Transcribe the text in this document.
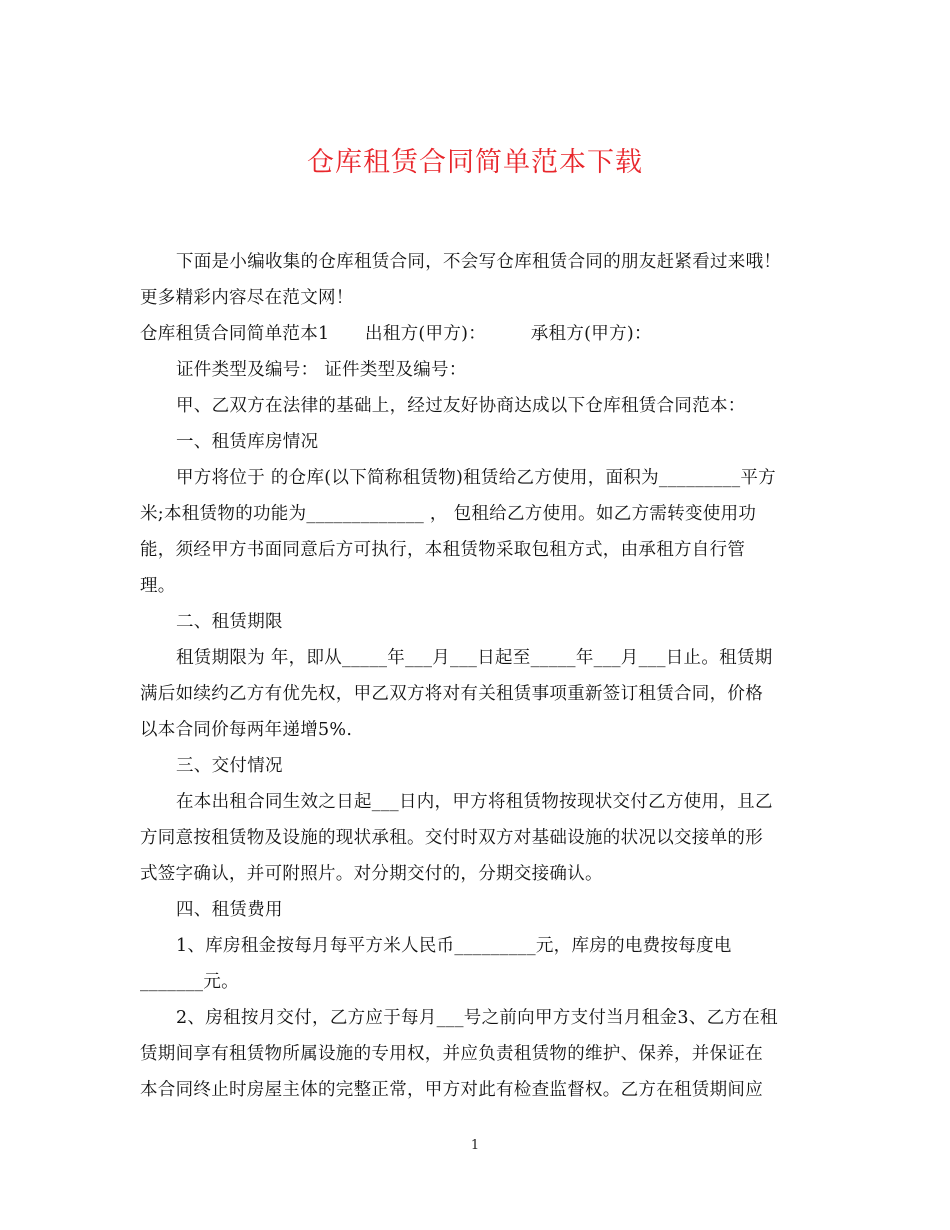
仓库租赁合同简单范本下载

下面是小编收集的仓库租赁合同，不会写仓库租赁合同的朋友赶紧看过来哦！

更多精彩内容尽在范文网！

仓库租赁合同简单范本1　　出租方(甲方)：　　　承租方(甲方)：

证件类型及编号： 证件类型及编号：

甲、乙双方在法律的基础上，经过友好协商达成以下仓库租赁合同范本：

一、租赁库房情况

甲方将位于 的仓库(以下简称租赁物)租赁给乙方使用，面积为_________平方

米;本租赁物的功能为_____________ ， 包租给乙方使用。如乙方需转变使用功

能，须经甲方书面同意后方可执行，本租赁物采取包租方式，由承租方自行管

理。

二、租赁期限

租赁期限为 年，即从_____年___月___日起至_____年___月___日止。租赁期

满后如续约乙方有优先权，甲乙双方将对有关租赁事项重新签订租赁合同，价格

以本合同价每两年递增5%.

三、交付情况

在本出租合同生效之日起___日内，甲方将租赁物按现状交付乙方使用，且乙

方同意按租赁物及设施的现状承租。交付时双方对基础设施的状况以交接单的形

式签字确认，并可附照片。对分期交付的，分期交接确认。

四、租赁费用

1、库房租金按每月每平方米人民币_________元，库房的电费按每度电

_______元。

2、房租按月交付，乙方应于每月___号之前向甲方支付当月租金3、乙方在租

赁期间享有租赁物所属设施的专用权，并应负责租赁物的维护、保养，并保证在

本合同终止时房屋主体的完整正常，甲方对此有检查监督权。乙方在租赁期间应

1
